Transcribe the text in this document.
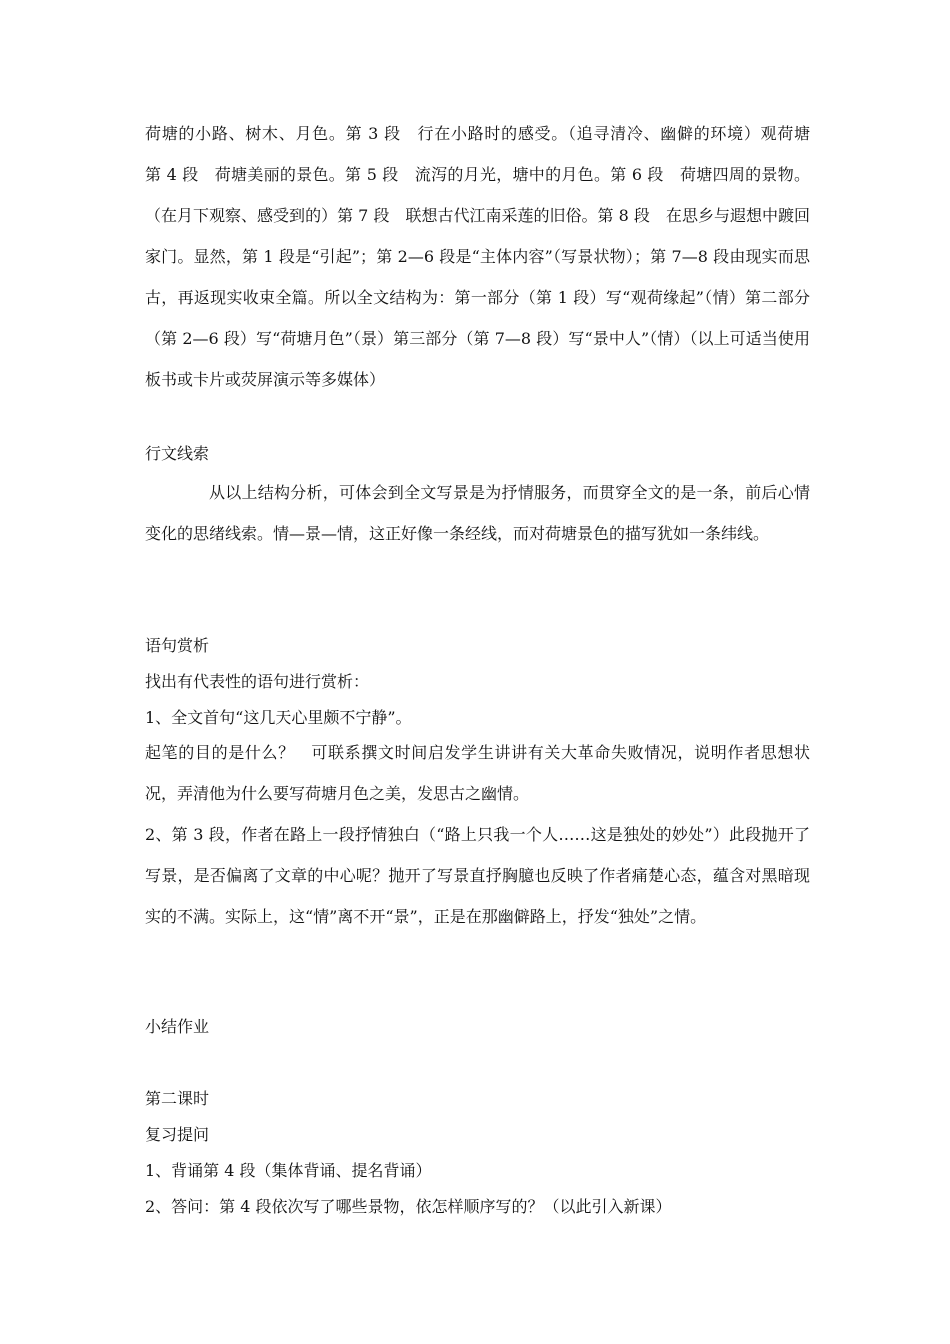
荷塘的小路、树木、月色。第 3 段　行在小路时的感受。（追寻清冷、幽僻的环境）观荷塘　第 4 段　荷塘美丽的景色。第 5 段　流泻的月光，塘中的月色。第 6 段　荷塘四周的景物。（在月下观察、感受到的）第 7 段　联想古代江南采莲的旧俗。第 8 段　在思乡与遐想中踱回家门。显然，第 1 段是“引起”；第 2—6 段是“主体内容”（写景状物）；第 7—8 段由现实而思古，再返现实收束全篇。所以全文结构为：第一部分（第 1 段）写“观荷缘起”（情）第二部分（第 2—6 段）写“荷塘月色”（景）第三部分（第 7—8 段）写“景中人”（情）（以上可适当使用板书或卡片或荧屏演示等多媒体）

行文线索

从以上结构分析，可体会到全文写景是为抒情服务，而贯穿全文的是一条，前后心情　变化的思绪线索。情—景—情，这正好像一条经线，而对荷塘景色的描写犹如一条纬线。

语句赏析

找出有代表性的语句进行赏析：

1、全文首句“这几天心里颇不宁静”。

起笔的目的是什么？　可联系撰文时间启发学生讲讲有关大革命失败情况，说明作者思想状况，弄清他为什么要写荷塘月色之美，发思古之幽情。

2、第 3 段，作者在路上一段抒情独白（“路上只我一个人……这是独处的妙处”）此段抛开了写景，是否偏离了文章的中心呢？抛开了写景直抒胸臆也反映了作者痛楚心态，蕴含对黑暗现实的不满。实际上，这“情”离不开“景”，正是在那幽僻路上，抒发“独处”之情。

小结作业

第二课时

复习提问

1、背诵第 4 段（集体背诵、提名背诵）

2、答问：第 4 段依次写了哪些景物，依怎样顺序写的？（以此引入新课）
